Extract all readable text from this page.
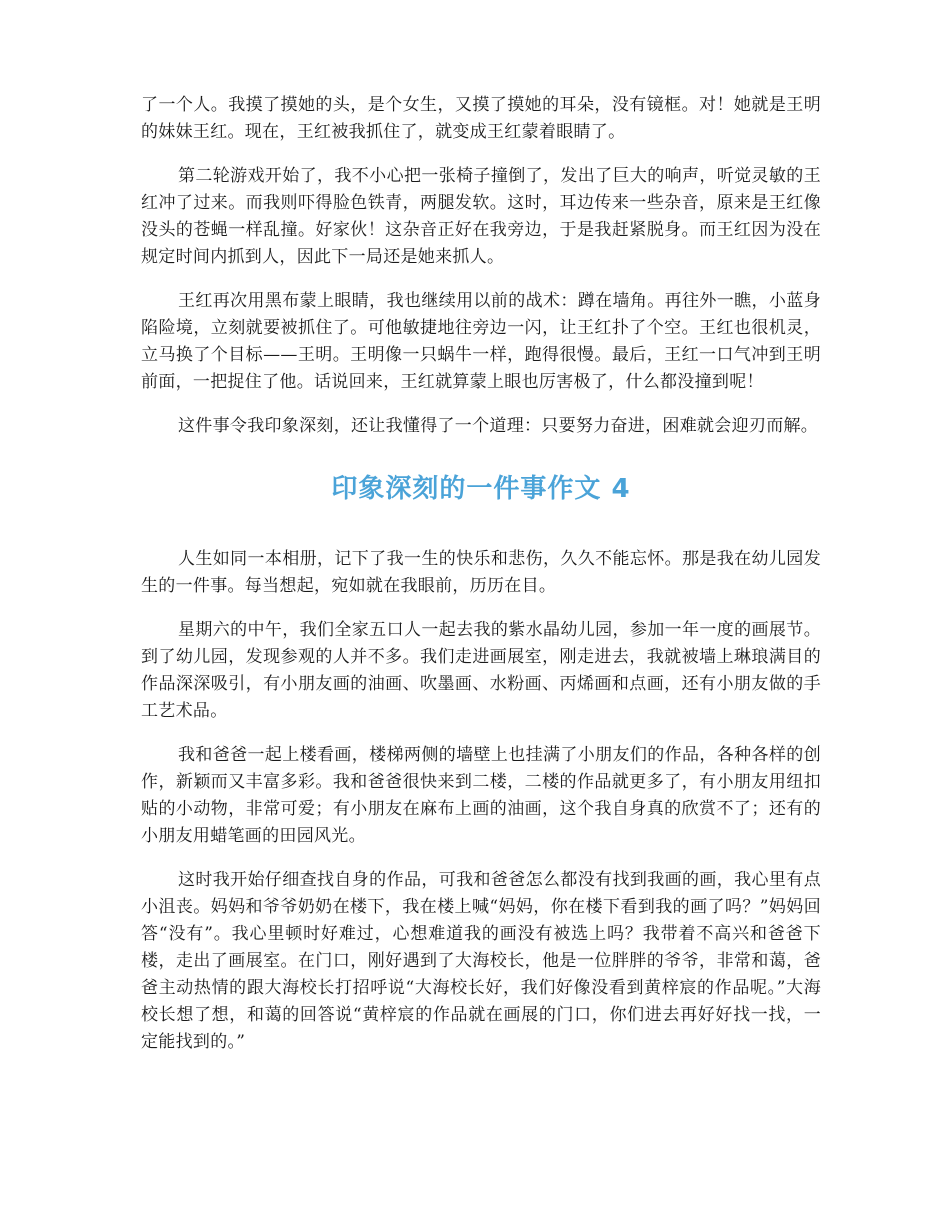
了一个人。我摸了摸她的头，是个女生，又摸了摸她的耳朵，没有镜框。对！她就是王明的妹妹王红。现在，王红被我抓住了，就变成王红蒙着眼睛了。

第二轮游戏开始了，我不小心把一张椅子撞倒了，发出了巨大的响声，听觉灵敏的王红冲了过来。而我则吓得脸色铁青，两腿发软。这时，耳边传来一些杂音，原来是王红像没头的苍蝇一样乱撞。好家伙！这杂音正好在我旁边，于是我赶紧脱身。而王红因为没在规定时间内抓到人，因此下一局还是她来抓人。

王红再次用黑布蒙上眼睛，我也继续用以前的战术：蹲在墙角。再往外一瞧，小蓝身陷险境，立刻就要被抓住了。可他敏捷地往旁边一闪，让王红扑了个空。王红也很机灵，立马换了个目标——王明。王明像一只蜗牛一样，跑得很慢。最后，王红一口气冲到王明前面，一把捉住了他。话说回来，王红就算蒙上眼也厉害极了，什么都没撞到呢！

这件事令我印象深刻，还让我懂得了一个道理：只要努力奋进，困难就会迎刃而解。

印象深刻的一件事作文 4

人生如同一本相册，记下了我一生的快乐和悲伤，久久不能忘怀。那是我在幼儿园发生的一件事。每当想起，宛如就在我眼前，历历在目。

星期六的中午，我们全家五口人一起去我的紫水晶幼儿园，参加一年一度的画展节。到了幼儿园，发现参观的人并不多。我们走进画展室，刚走进去，我就被墙上琳琅满目的作品深深吸引，有小朋友画的油画、吹墨画、水粉画、丙烯画和点画，还有小朋友做的手工艺术品。

我和爸爸一起上楼看画，楼梯两侧的墙壁上也挂满了小朋友们的作品，各种各样的创作，新颖而又丰富多彩。我和爸爸很快来到二楼，二楼的作品就更多了，有小朋友用纽扣贴的小动物，非常可爱；有小朋友在麻布上画的油画，这个我自身真的欣赏不了；还有的小朋友用蜡笔画的田园风光。

这时我开始仔细查找自身的作品，可我和爸爸怎么都没有找到我画的画，我心里有点小沮丧。妈妈和爷爷奶奶在楼下，我在楼上喊“妈妈，你在楼下看到我的画了吗？”妈妈回答“没有”。我心里顿时好难过，心想难道我的画没有被选上吗？我带着不高兴和爸爸下楼，走出了画展室。在门口，刚好遇到了大海校长，他是一位胖胖的爷爷，非常和蔼，爸爸主动热情的跟大海校长打招呼说“大海校长好，我们好像没看到黄梓宸的作品呢。”大海校长想了想，和蔼的回答说“黄梓宸的作品就在画展的门口，你们进去再好好找一找，一定能找到的。”
